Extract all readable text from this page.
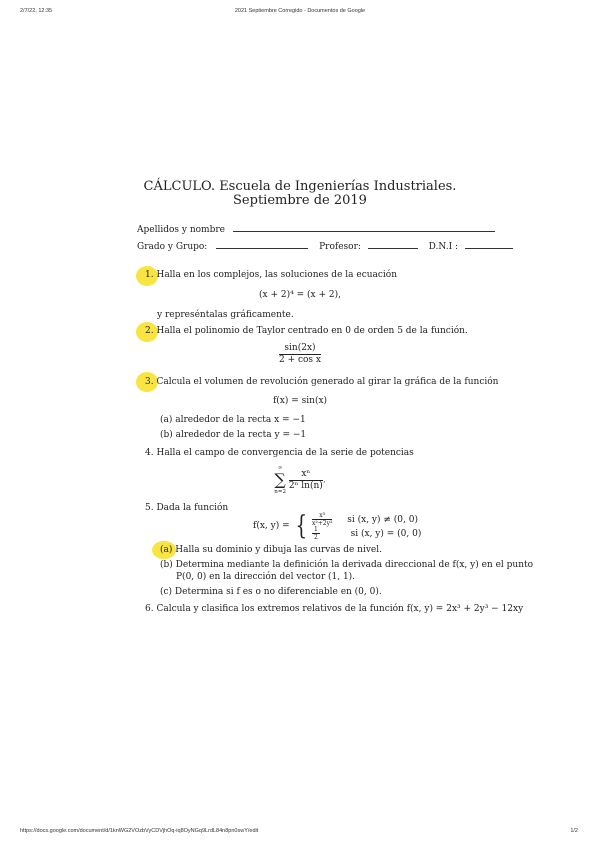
2/7/22, 12:35	2021 Septiembre Corregido - Documentos de Google
https://docs.google.com/document/d/1knWG2VOzbVyCDVjhOq-iq8OyNGq9LrdL84n8pn0swY/edit	1/2
CÁLCULO. Escuela de Ingenierías Industriales.
Septiembre de 2019
Apellidos y nombre
Grado y Grupo:	Profesor:	D.N.I :
1. Halla en los complejos, las soluciones de la ecuación
(x + 2)⁴ = (x + 2),
y represéntalas gráficamente.
2. Halla el polinomio de Taylor centrado en 0 de orden 5 de la función.
$\frac{\sin(2x)}{\text{2 + cos x}}$
3. Calcula el volumen de revolución generado al girar la gráfica de la función
f(x) = sin(x)
(a) alrededor de la recta x = −1
(b) alrededor de la recta y = −1
4. Halla el campo de convergencia de la serie de potencias
∞
∑
n=2

$\frac{\text{xⁿ}}{\text{2ⁿ ln(n)}}$ .
5. Dada la función
f(x, y) = { $\frac{\text{x³}}{\text{x²+2y²}}$ si (x, y) ≠ (0, 0)
$\frac{1}{2}$	si (x, y) = (0, 0)
(a) Halla su dominio y dibuja las curvas de nivel.
(b) Determina mediante la definición la derivada direccional de f(x, y) en el punto
P(0, 0) en la dirección del vector (1, 1).
(c) Determina si f es o no diferenciable en (0, 0).
6. Calcula y clasifica los extremos relativos de la función f(x, y) = 2x³ + 2y³ − 12xy
